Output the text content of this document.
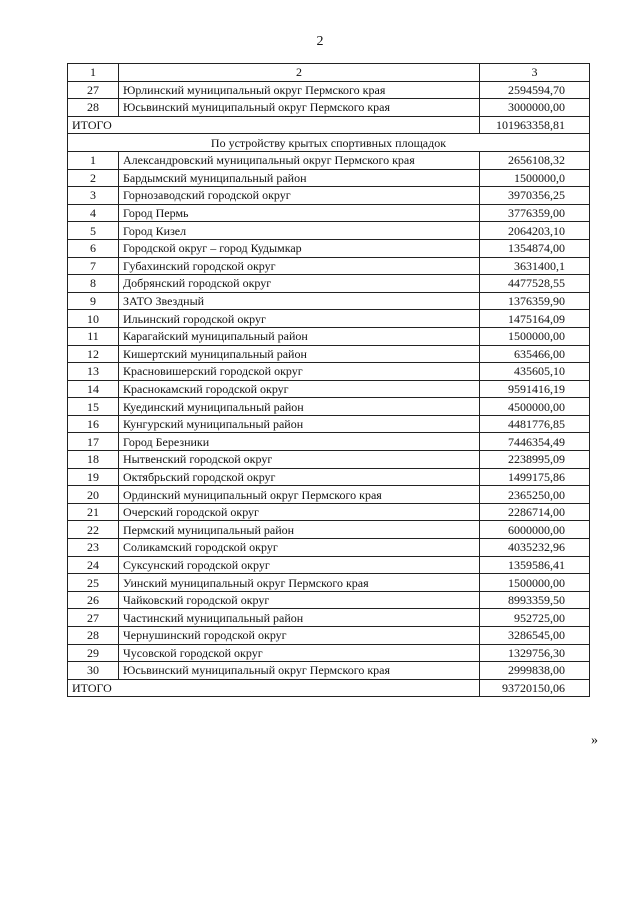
2
1	2	3
27	Юрлинский муниципальный округ Пермского края	2594594,70
28	Юсьвинский муниципальный округ Пермского края	3000000,00
ИТОГО		101963358,81
По устройству крытых спортивных площадок		
1	Александровский муниципальный округ Пермского края	2656108,32
2	Бардымский муниципальный район	1500000,0
3	Горнозаводский городской округ	3970356,25
4	Город Пермь	3776359,00
5	Город Кизел	2064203,10
6	Городской округ – город Кудымкар	1354874,00
7	Губахинский городской округ	3631400,1
8	Добрянский городской округ	4477528,55
9	ЗАТО Звездный	1376359,90
10	Ильинский городской округ	1475164,09
11	Карагайский муниципальный район	1500000,00
12	Кишертский муниципальный район	635466,00
13	Красновишерский городской округ	435605,10
14	Краснокамский городской округ	9591416,19
15	Куединский муниципальный район	4500000,00
16	Кунгурский муниципальный район	4481776,85
17	Город Березники	7446354,49
18	Нытвенский городской округ	2238995,09
19	Октябрьский городской округ	1499175,86
20	Ординский муниципальный округ Пермского края	2365250,00
21	Очерский городской округ	2286714,00
22	Пермский муниципальный район	6000000,00
23	Соликамский городской округ	4035232,96
24	Суксунский городской округ	1359586,41
25	Уинский муниципальный округ Пермского края	1500000,00
26	Чайковский городской округ	8993359,50
27	Частинский муниципальный район	952725,00
28	Чернушинский городской округ	3286545,00
29	Чусовской городской округ	1329756,30
30	Юсьвинский муниципальный округ Пермского края	2999838,00
ИТОГО		93720150,06
»
